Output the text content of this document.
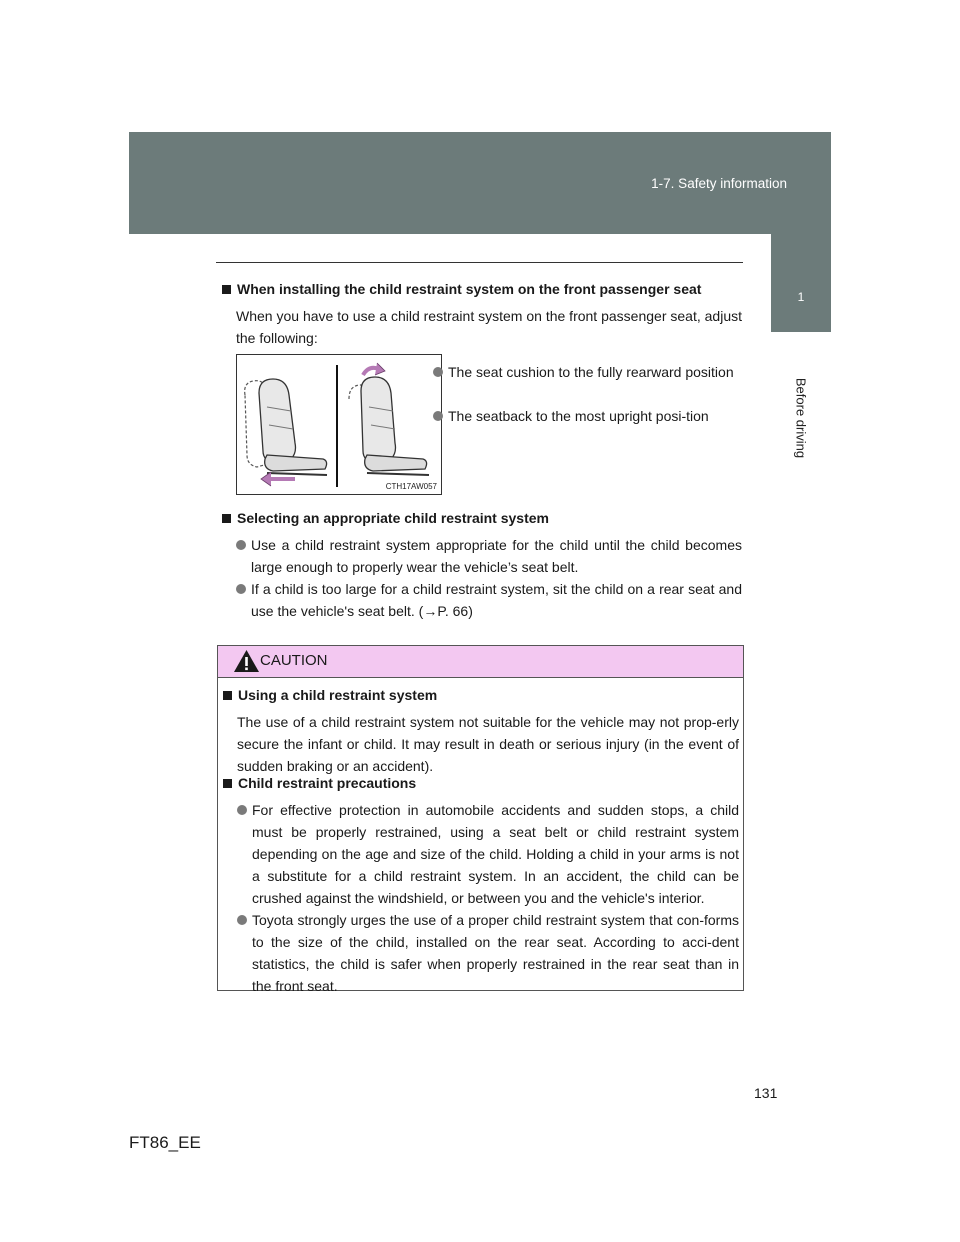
1-7. Safety information
1
Before driving
When installing the child restraint system on the front passenger seat
When you have to use a child restraint system on the front passenger seat, adjust the following:
CTH17AW057
The seat cushion to the fully rearward position
The seatback to the most upright posi-tion
Selecting an appropriate child restraint system
Use a child restraint system appropriate for the child until the child becomes large enough to properly wear the vehicle’s seat belt.
If a child is too large for a child restraint system, sit the child on a rear seat and use the vehicle's seat belt. (→P. 66)
CAUTION
Using a child restraint system
The use of a child restraint system not suitable for the vehicle may not prop-erly secure the infant or child. It may result in death or serious injury (in the event of sudden braking or an accident).
Child restraint precautions
For effective protection in automobile accidents and sudden stops, a child must be properly restrained, using a seat belt or child restraint system depending on the age and size of the child. Holding a child in your arms is not a substitute for a child restraint system. In an accident, the child can be crushed against the windshield, or between you and the vehicle's interior.
Toyota strongly urges the use of a proper child restraint system that con-forms to the size of the child, installed on the rear seat. According to acci-dent statistics, the child is safer when properly restrained in the rear seat than in the front seat.
131
FT86_EE
